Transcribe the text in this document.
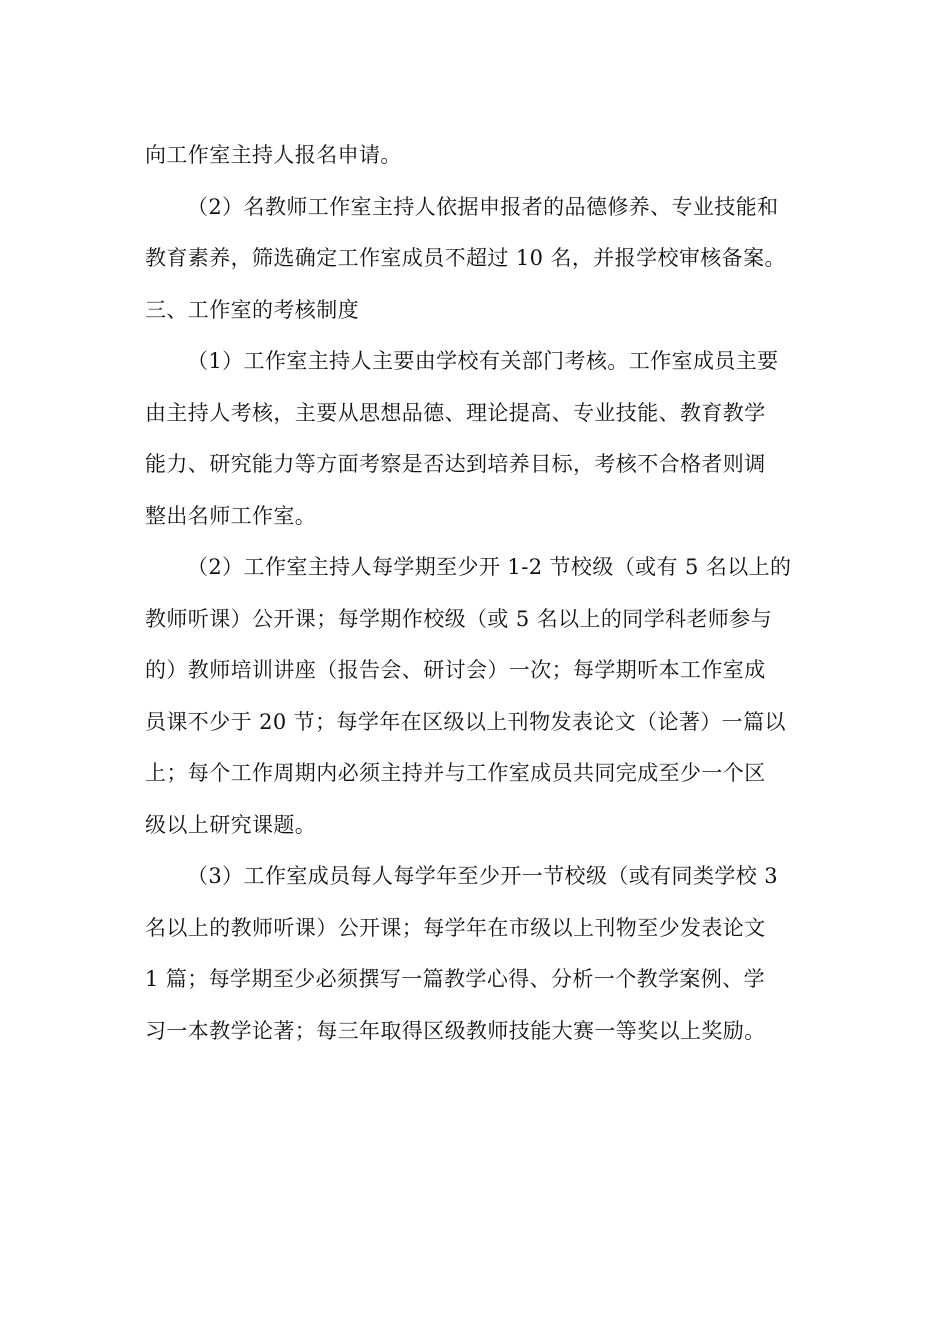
向工作室主持人报名申请。
（2）名教师工作室主持人依据申报者的品德修养、专业技能和
教育素养，筛选确定工作室成员不超过 10 名，并报学校审核备案。
三、工作室的考核制度
（1）工作室主持人主要由学校有关部门考核。工作室成员主要
由主持人考核，主要从思想品德、理论提高、专业技能、教育教学
能力、研究能力等方面考察是否达到培养目标，考核不合格者则调
整出名师工作室。
（2）工作室主持人每学期至少开 1-2 节校级（或有 5 名以上的
教师听课）公开课；每学期作校级（或 5 名以上的同学科老师参与
的）教师培训讲座（报告会、研讨会）一次；每学期听本工作室成
员课不少于 20 节；每学年在区级以上刊物发表论文（论著）一篇以
上；每个工作周期内必须主持并与工作室成员共同完成至少一个区
级以上研究课题。
（3）工作室成员每人每学年至少开一节校级（或有同类学校 3
名以上的教师听课）公开课；每学年在市级以上刊物至少发表论文
1 篇；每学期至少必须撰写一篇教学心得、分析一个教学案例、学
习一本教学论著；每三年取得区级教师技能大赛一等奖以上奖励。
